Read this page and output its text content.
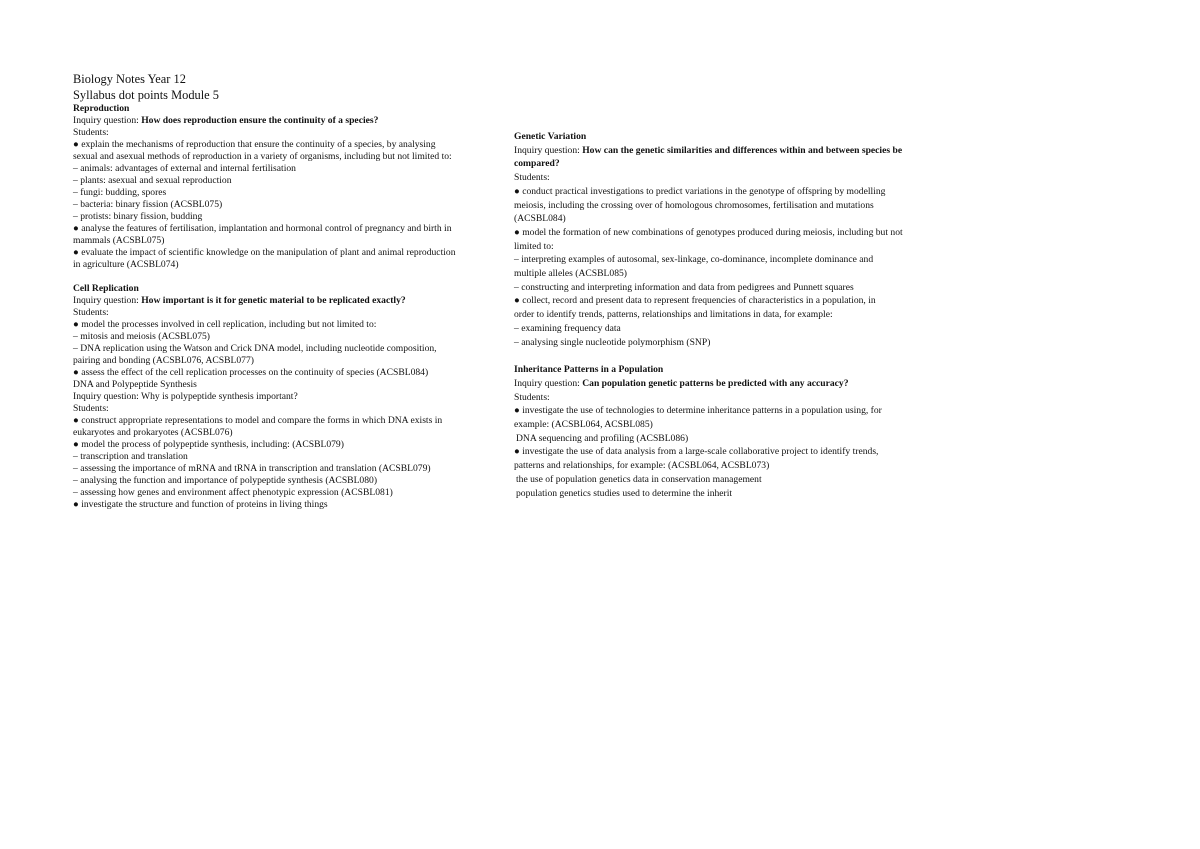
Biology Notes Year 12

Syllabus dot points Module 5

Reproduction

Inquiry question: How does reproduction ensure the continuity of a species?

Students:

● explain the mechanisms of reproduction that ensure the continuity of a species, by analysing

sexual and asexual methods of reproduction in a variety of organisms, including but not limited to:

– animals: advantages of external and internal fertilisation

– plants: asexual and sexual reproduction

– fungi: budding, spores

– bacteria: binary fission (ACSBL075)

– protists: binary fission, budding

● analyse the features of fertilisation, implantation and hormonal control of pregnancy and birth in

mammals (ACSBL075)

● evaluate the impact of scientific knowledge on the manipulation of plant and animal reproduction

in agriculture (ACSBL074)

Cell Replication

Inquiry question: How important is it for genetic material to be replicated exactly?

Students:

● model the processes involved in cell replication, including but not limited to:

– mitosis and meiosis (ACSBL075)

– DNA replication using the Watson and Crick DNA model, including nucleotide composition,

pairing and bonding (ACSBL076, ACSBL077)

● assess the effect of the cell replication processes on the continuity of species (ACSBL084)

DNA and Polypeptide Synthesis

Inquiry question: Why is polypeptide synthesis important?

Students:

● construct appropriate representations to model and compare the forms in which DNA exists in

eukaryotes and prokaryotes (ACSBL076)

● model the process of polypeptide synthesis, including: (ACSBL079)

– transcription and translation

– assessing the importance of mRNA and tRNA in transcription and translation (ACSBL079)

– analysing the function and importance of polypeptide synthesis (ACSBL080)

– assessing how genes and environment affect phenotypic expression (ACSBL081)

● investigate the structure and function of proteins in living things

Genetic Variation

Inquiry question: How can the genetic similarities and differences within and between species be

compared?

Students:

● conduct practical investigations to predict variations in the genotype of offspring by modelling

meiosis, including the crossing over of homologous chromosomes, fertilisation and mutations

(ACSBL084)

● model the formation of new combinations of genotypes produced during meiosis, including but not

limited to:

– interpreting examples of autosomal, sex-linkage, co-dominance, incomplete dominance and

multiple alleles (ACSBL085)

– constructing and interpreting information and data from pedigrees and Punnett squares

● collect, record and present data to represent frequencies of characteristics in a population, in

order to identify trends, patterns, relationships and limitations in data, for example:

– examining frequency data

– analysing single nucleotide polymorphism (SNP)

Inheritance Patterns in a Population

Inquiry question: Can population genetic patterns be predicted with any accuracy?

Students:

● investigate the use of technologies to determine inheritance patterns in a population using, for

example: (ACSBL064, ACSBL085)

DNA sequencing and profiling (ACSBL086)

● investigate the use of data analysis from a large-scale collaborative project to identify trends,

patterns and relationships, for example: (ACSBL064, ACSBL073)

the use of population genetics data in conservation management

population genetics studies used to determine the inherit
